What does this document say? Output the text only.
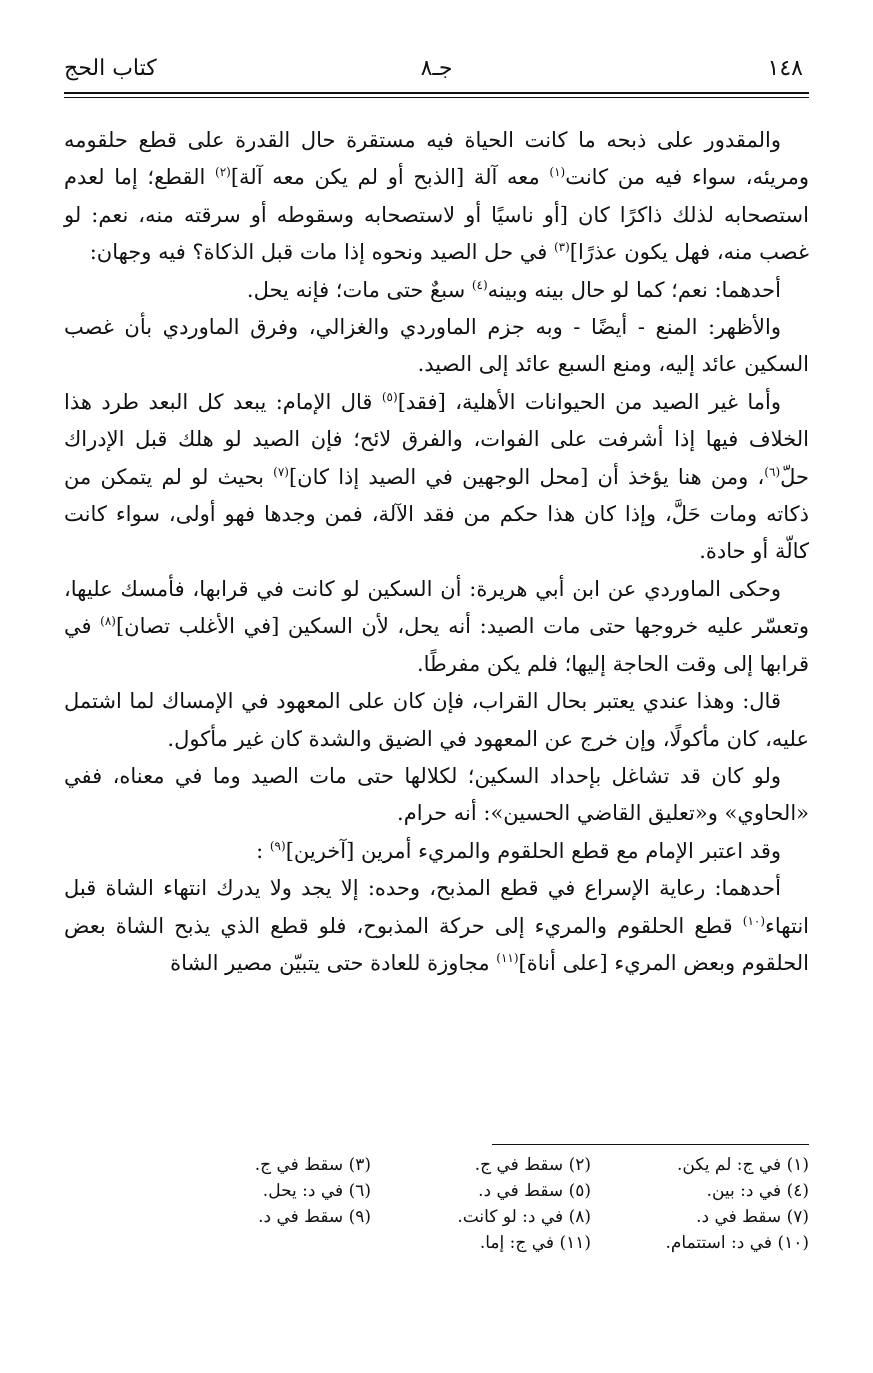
١٤٨
جـ٨
كتاب الحج

والمقدور على ذبحه ما كانت الحياة فيه مستقرة حال القدرة على قطع حلقومه ومريئه، سواء فيه من كانت$^{(١)}$ معه آلة [الذبح أو لم يكن معه آلة]$^{(٢)}$ القطع؛ إما لعدم استصحابه لذلك ذاكرًا كان [أو ناسيًا أو لاستصحابه وسقوطه أو سرقته منه، نعم: لو غصب منه، فهل يكون عذرًا]$^{(٣)}$ في حل الصيد ونحوه إذا مات قبل الذكاة؟ فيه وجهان:

أحدهما: نعم؛ كما لو حال بينه وبينه$^{(٤)}$ سبعٌ حتى مات؛ فإنه يحل.

والأظهر: المنع - أيضًا - وبه جزم الماوردي والغزالي، وفرق الماوردي بأن غصب السكين عائد إليه، ومنع السبع عائد إلى الصيد.

وأما غير الصيد من الحيوانات الأهلية، [فقد]$^{(٥)}$ قال الإمام: يبعد كل البعد طرد هذا الخلاف فيها إذا أشرفت على الفوات، والفرق لائح؛ فإن الصيد لو هلك قبل الإدراك حلّ$^{(٦)}$، ومن هنا يؤخذ أن [محل الوجهين في الصيد إذا كان]$^{(٧)}$ بحيث لو لم يتمكن من ذكاته ومات حَلَّ، وإذا كان هذا حكم من فقد الآلة، فمن وجدها فهو أولى، سواء كانت كالّة أو حادة.

وحكى الماوردي عن ابن أبي هريرة: أن السكين لو كانت في قرابها، فأمسك عليها، وتعسّر عليه خروجها حتى مات الصيد: أنه يحل، لأن السكين [في الأغلب تصان]$^{(٨)}$ في قرابها إلى وقت الحاجة إليها؛ فلم يكن مفرطًا.

قال: وهذا عندي يعتبر بحال القراب، فإن كان على المعهود في الإمساك لما اشتمل عليه، كان مأكولًا، وإن خرج عن المعهود في الضيق والشدة كان غير مأكول.

ولو كان قد تشاغل بإحداد السكين؛ لكلالها حتى مات الصيد وما في معناه، ففي «الحاوي» و«تعليق القاضي الحسين»: أنه حرام.

وقد اعتبر الإمام مع قطع الحلقوم والمريء أمرين [آخرين]$^{(٩)}$ :

أحدهما: رعاية الإسراع في قطع المذبح، وحده: إلا يجد ولا يدرك انتهاء الشاة قبل انتهاء$^{(١٠)}$ قطع الحلقوم والمريء إلى حركة المذبوح، فلو قطع الذي يذبح الشاة بعض الحلقوم وبعض المريء [على أناة]$^{(١١)}$ مجاوزة للعادة حتى يتبيّن مصير الشاة

(١) في ج: لم يكن.
(٢) سقط في ج.
(٣) سقط في ج.
(٤) في د: بين.
(٥) سقط في د.
(٦) في د: يحل.
(٧) سقط في د.
(٨) في د: لو كانت.
(٩) سقط في د.
(١٠) في د: استتمام.
(١١) في ج: إما.
